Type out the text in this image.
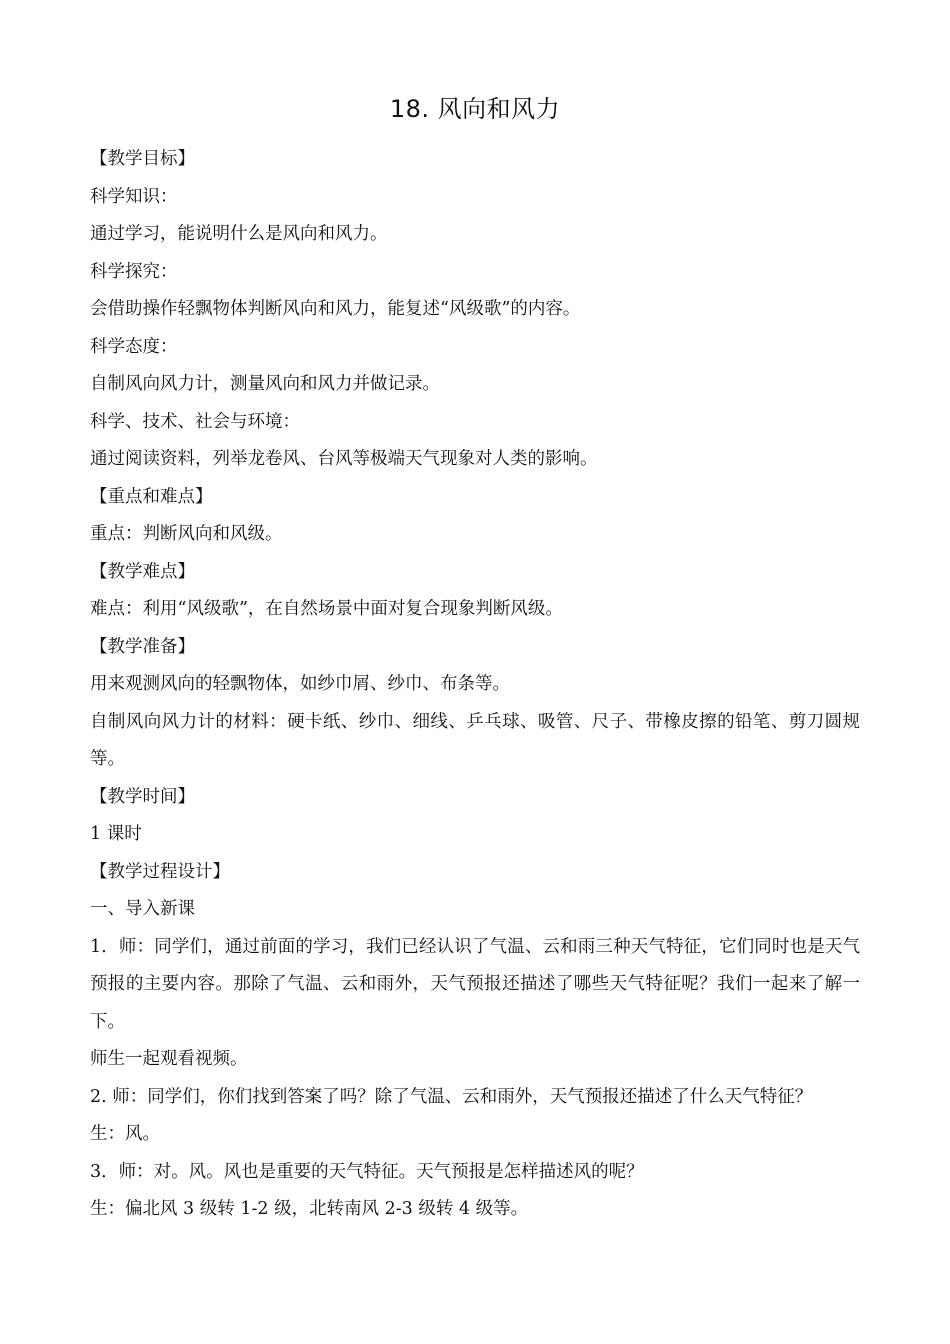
18. 风向和风力
【教学目标】
科学知识：
通过学习，能说明什么是风向和风力。
科学探究：
会借助操作轻飘物体判断风向和风力，能复述“风级歌”的内容。
科学态度：
自制风向风力计，测量风向和风力并做记录。
科学、技术、社会与环境：
通过阅读资料，列举龙卷风、台风等极端天气现象对人类的影响。
【重点和难点】
重点：判断风向和风级。
【教学难点】
难点：利用“风级歌”，在自然场景中面对复合现象判断风级。
【教学准备】
用来观测风向的轻飘物体，如纱巾屑、纱巾、布条等。
自制风向风力计的材料：硬卡纸、纱巾、细线、乒乓球、吸管、尺子、带橡皮擦的铅笔、剪刀圆规等。
【教学时间】
1 课时
【教学过程设计】
一、导入新课
1．师：同学们，通过前面的学习，我们已经认识了气温、云和雨三种天气特征，它们同时也是天气预报的主要内容。那除了气温、云和雨外，天气预报还描述了哪些天气特征呢？我们一起来了解一下。
师生一起观看视频。
2. 师：同学们，你们找到答案了吗？除了气温、云和雨外，天气预报还描述了什么天气特征？
生：风。
3．师：对。风。风也是重要的天气特征。天气预报是怎样描述风的呢？
生：偏北风 3 级转 1-2 级，北转南风 2-3 级转 4 级等。
